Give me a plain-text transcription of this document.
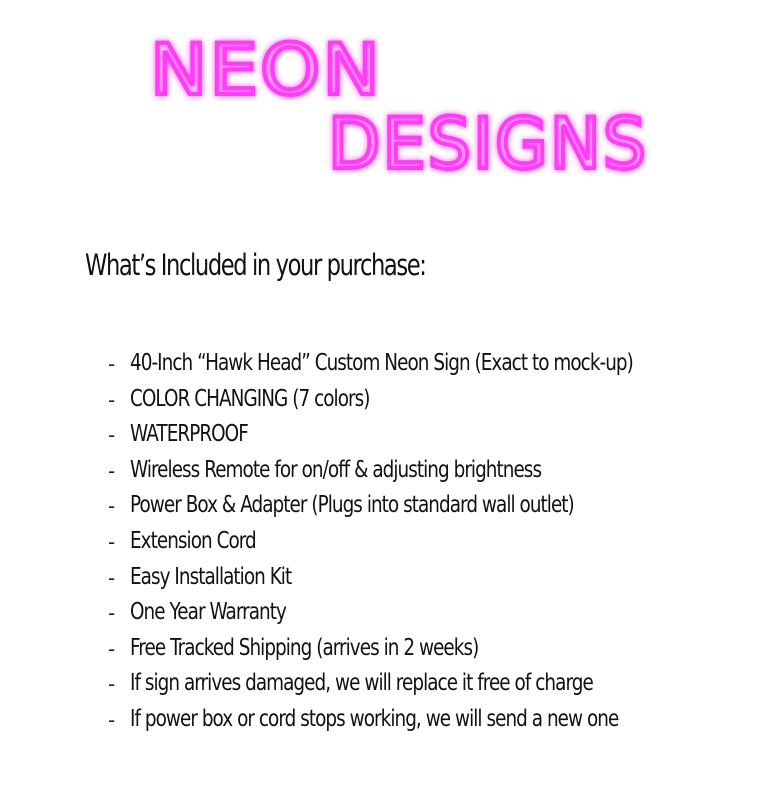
NEON
DESIGNS
What’s Included in your purchase:
- 40-Inch “Hawk Head” Custom Neon Sign (Exact to mock-up)
- COLOR CHANGING (7 colors)
- WATERPROOF
- Wireless Remote for on/off & adjusting brightness
- Power Box & Adapter (Plugs into standard wall outlet)
- Extension Cord
- Easy Installation Kit
- One Year Warranty
- Free Tracked Shipping (arrives in 2 weeks)
- If sign arrives damaged, we will replace it free of charge
- If power box or cord stops working, we will send a new one
